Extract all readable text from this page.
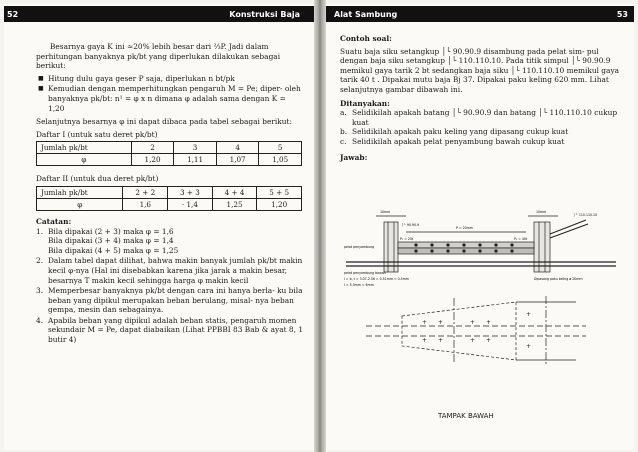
52	Konstruksi Baja

Besarnya gaya K ini ≈20% lebih besar dari ⅔P. Jadi dalam perhitungan banyaknya pk/bt yang diperlukan dilakukan sebagai berikut:

■ Hitung dulu gaya geser P saja, diperlukan n bt/pk
■ Kemudian dengan memperhitungkan pengaruh M = Pe; diper- oleh banyaknya pk/bt: n¹ = φ x n dimana φ adalah sama dengan K = 1,20

Selanjutnya besarnya φ ini dapat dibaca pada tabel sebagai berikut:

Daftar I (untuk satu deret pk/bt)
Jumlah pk/bt	2	3	4	5
φ	1,20	1,11	1,07	1,05
Daftar II (untuk dua deret pk/bt)
Jumlah pk/bt	2 + 2	3 + 3	4 + 4	5 + 5
φ	1,6	· 1,4	1,25	1,20
Catatan:
1. Bila dipakai (2 + 3) maka φ = 1,6
Bila dipakai (3 + 4) maka φ = 1,4
Bila dipakai (4 + 5) maka φ = 1,25
2. Dalam tabel dapat dilihat, bahwa makin banyak jumlah pk/bt makin kecil φ-nya (Hal ini disebabkan karena jika jarak a makin besar, besarnya T makin kecil sehingga harga φ makin kecil
3. Memperbesar banyaknya pk/bt dengan cara ini hanya berla- ku bila beban yang dipikul merupakan beban berulang, misal- nya beban gempa, mesin dan sebagainya.
4. Apabila beban yang dipikul adalah beban statis, pengaruh momen sekundair M = Pe, dapat diabaikan (Lihat PPBBI 83 Bab & ayat 8, 1 butir 4)
Alat Sambung	53
Contoh soal:

Suatu baja siku setangkup │└ 90.90.9 disambung pada pelat sim- pul dengan baja siku setangkup │└ 110.110.10. Pada titik simpul │└ 90.90.9 memikul gaya tarik 2 bt sedangkan baja siku │└ 110.110.10 memikul gaya tarik 40 t . Dipakai mutu baja Bj 37. Dipakai paku keling 620 mm. Lihat selanjutnya gambar dibawah ini.

Ditanyakan:
a. Selidikilah apakah batang │└ 90.90.9 dan batang │└ 110.110.10 cukup kuat
b. Selidikilah apakah paku keling yang dipasang cukup kuat
c. Selidikilah apakah pelat penyambung bawah cukup kuat
Jawab:
10mm	10mm
│└ 90.90.9
│└ 110.110.10
P = 20mm
P₁ = 20t	P₂ = 40t
pelat penyambung
pelat penyambung bawah
l = b, t = 3.07-2.56 = 0.51mm = 0.5mm
l = 5.3mm = 6mm
Dipasang paku keling ø 20mm
+ +	+ +
+ +	+ +
+
+
TAMPAK BAWAH
